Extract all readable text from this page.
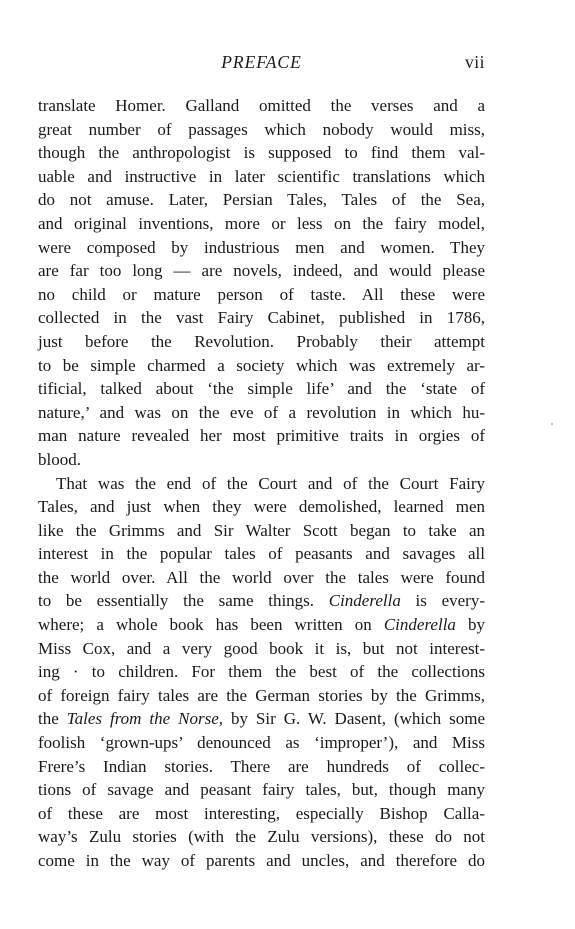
PREFACE	vii
translate Homer. Galland omitted the verses and a
great number of passages which nobody would miss,
though the anthropologist is supposed to find them val-
uable and instructive in later scientific translations which
do not amuse. Later, Persian Tales, Tales of the Sea,
and original inventions, more or less on the fairy model,
were composed by industrious men and women. They
are far too long — are novels, indeed, and would please
no child or mature person of taste. All these were
collected in the vast Fairy Cabinet, published in 1786,
just before the Revolution. Probably their attempt
to be simple charmed a society which was extremely ar-
tificial, talked about ‘the simple life’ and the ‘state of
nature,’ and was on the eve of a revolution in which hu-
man nature revealed her most primitive traits in orgies of
blood.
That was the end of the Court and of the Court Fairy
Tales, and just when they were demolished, learned men
like the Grimms and Sir Walter Scott began to take an
interest in the popular tales of peasants and savages all
the world over. All the world over the tales were found
to be essentially the same things. Cinderella is every-
where; a whole book has been written on Cinderella by
Miss Cox, and a very good book it is, but not interest-
ing · to children. For them the best of the collections
of foreign fairy tales are the German stories by the Grimms,
the Tales from the Norse, by Sir G. W. Dasent, (which some
foolish ‘grown-ups’ denounced as ‘improper’), and Miss
Frere’s Indian stories. There are hundreds of collec-
tions of savage and peasant fairy tales, but, though many
of these are most interesting, especially Bishop Calla-
way’s Zulu stories (with the Zulu versions), these do not
come in the way of parents and uncles, and therefore do
